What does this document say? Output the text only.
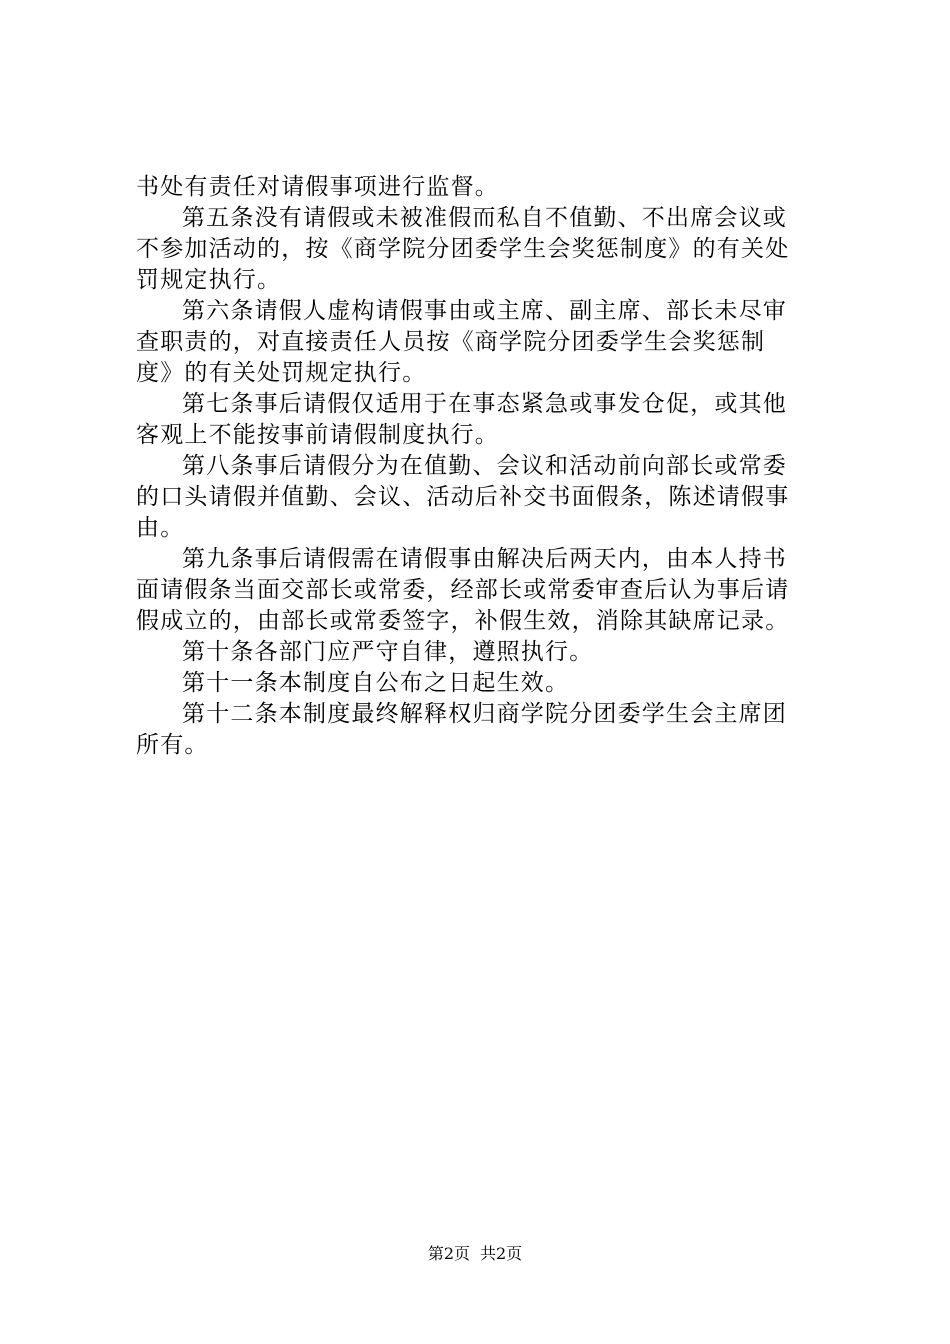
书处有责任对请假事项进行监督。
第五条没有请假或未被准假而私自不值勤、不出席会议或
不参加活动的，按《商学院分团委学生会奖惩制度》的有关处
罚规定执行。
第六条请假人虚构请假事由或主席、副主席、部长未尽审
查职责的，对直接责任人员按《商学院分团委学生会奖惩制
度》的有关处罚规定执行。
第七条事后请假仅适用于在事态紧急或事发仓促，或其他
客观上不能按事前请假制度执行。
第八条事后请假分为在值勤、会议和活动前向部长或常委
的口头请假并值勤、会议、活动后补交书面假条，陈述请假事
由。
第九条事后请假需在请假事由解决后两天内，由本人持书
面请假条当面交部长或常委，经部长或常委审查后认为事后请
假成立的，由部长或常委签字，补假生效，消除其缺席记录。
第十条各部门应严守自律，遵照执行。
第十一条本制度自公布之日起生效。
第十二条本制度最终解释权归商学院分团委学生会主席团
所有。
第2页 共2页
